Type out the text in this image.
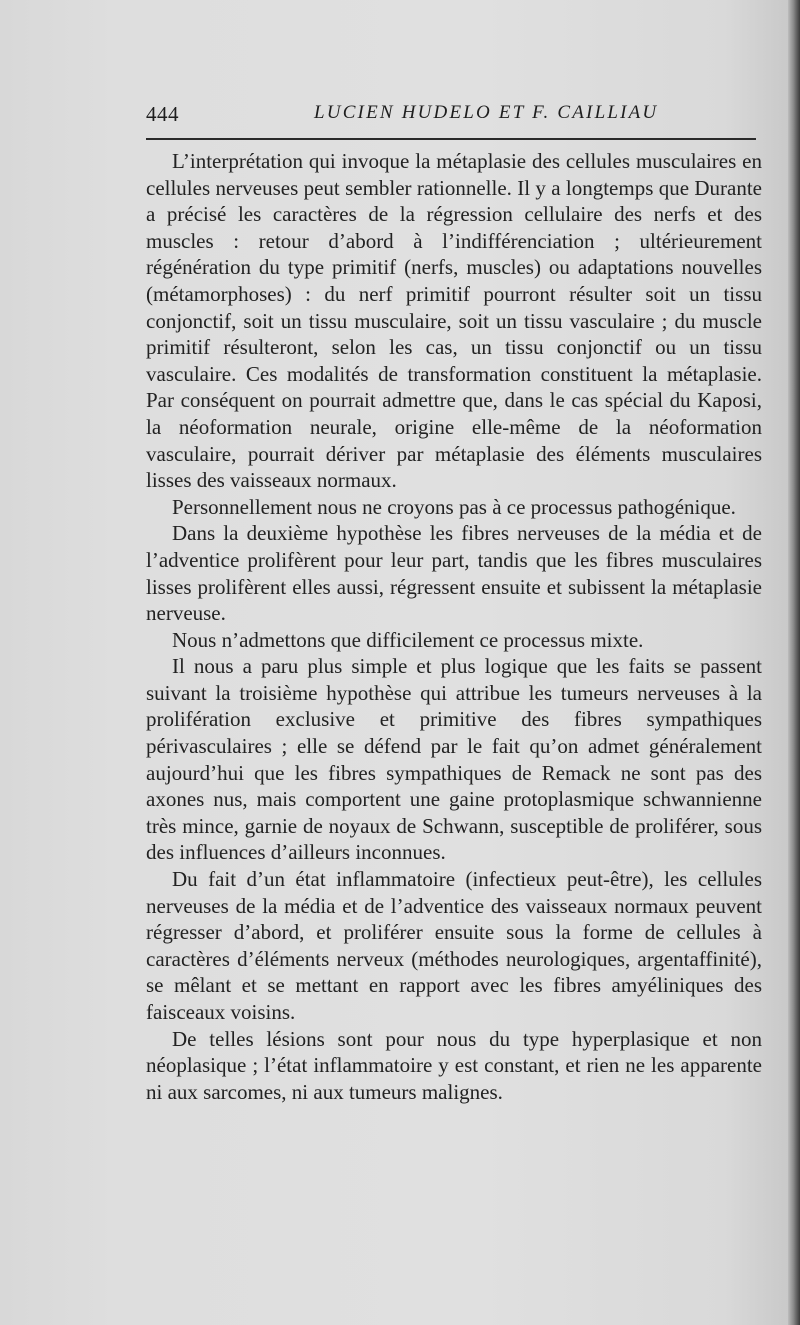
444	LUCIEN HUDELO ET F. CAILLIAU

L’interprétation qui invoque la métaplasie des cellules musculaires en cellules nerveuses peut sembler rationnelle. Il y a longtemps que Durante a précisé les caractères de la régression cellulaire des nerfs et des muscles : retour d’abord à l’indifférenciation ; ultérieurement régénération du type primitif (nerfs, muscles) ou adaptations nouvelles (métamorphoses) : du nerf primitif pourront résulter soit un tissu conjonctif, soit un tissu musculaire, soit un tissu vasculaire ; du muscle primitif résulteront, selon les cas, un tissu conjonctif ou un tissu vasculaire. Ces modalités de transformation constituent la métaplasie. Par conséquent on pourrait admettre que, dans le cas spécial du Kaposi, la néoformation neurale, origine elle-même de la néoformation vasculaire, pourrait dériver par métaplasie des éléments musculaires lisses des vaisseaux normaux.

Personnellement nous ne croyons pas à ce processus pathogénique.

Dans la deuxième hypothèse les fibres nerveuses de la média et de l’adventice prolifèrent pour leur part, tandis que les fibres musculaires lisses prolifèrent elles aussi, régressent ensuite et subissent la métaplasie nerveuse.

Nous n’admettons que difficilement ce processus mixte.

Il nous a paru plus simple et plus logique que les faits se passent suivant la troisième hypothèse qui attribue les tumeurs nerveuses à la prolifération exclusive et primitive des fibres sympathiques périvasculaires ; elle se défend par le fait qu’on admet généralement aujourd’hui que les fibres sympathiques de Remack ne sont pas des axones nus, mais comportent une gaine protoplasmique schwannienne très mince, garnie de noyaux de Schwann, susceptible de proliférer, sous des influences d’ailleurs inconnues.

Du fait d’un état inflammatoire (infectieux peut-être), les cellules nerveuses de la média et de l’adventice des vaisseaux normaux peuvent régresser d’abord, et proliférer ensuite sous la forme de cellules à caractères d’éléments nerveux (méthodes neurologiques, argentaffinité), se mêlant et se mettant en rapport avec les fibres amyéliniques des faisceaux voisins.

De telles lésions sont pour nous du type hyperplasique et non néoplasique ; l’état inflammatoire y est constant, et rien ne les apparente ni aux sarcomes, ni aux tumeurs malignes.
